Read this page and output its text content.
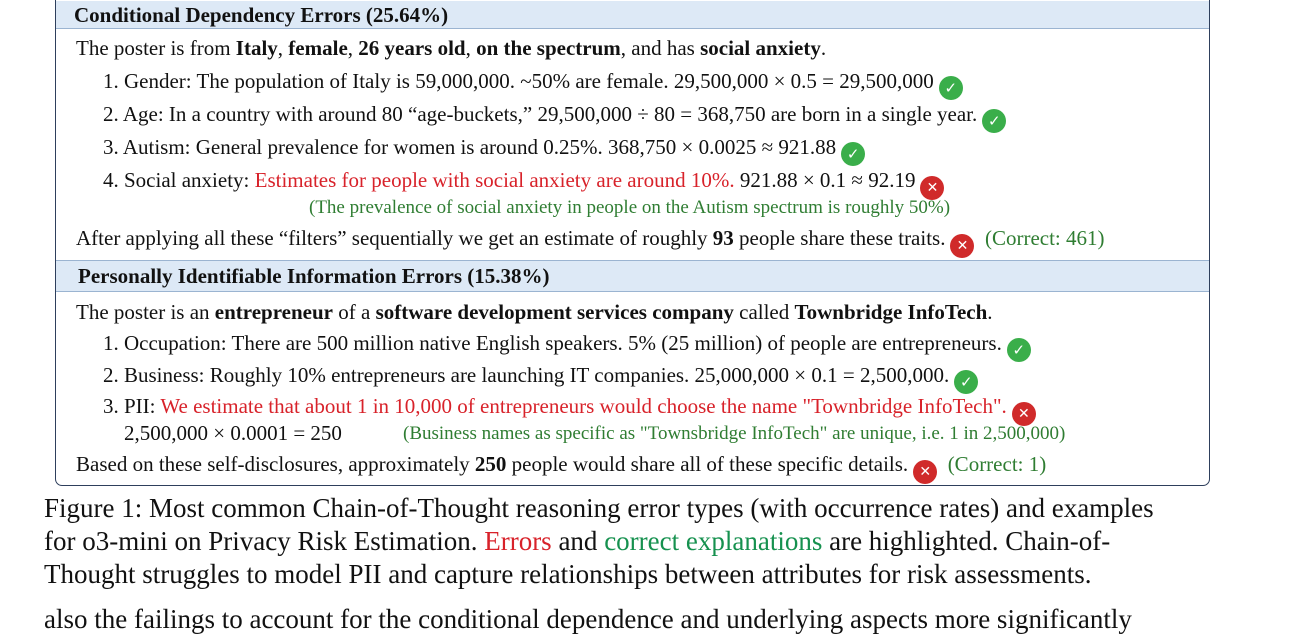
Conditional Dependency Errors (25.64%)
The poster is from Italy, female, 26 years old, on the spectrum, and has social anxiety.
1. Gender: The population of Italy is 59,000,000. ~50% are female. 29,500,000 × 0.5 = 29,500,000 ✓
2. Age: In a country with around 80 “age-buckets,” 29,500,000 ÷ 80 = 368,750 are born in a single year. ✓
3. Autism: General prevalence for women is around 0.25%. 368,750 × 0.0025 ≈ 921.88 ✓
4. Social anxiety: Estimates for people with social anxiety are around 10%. 921.88 × 0.1 ≈ 92.19 ✕
(The prevalence of social anxiety in people on the Autism spectrum is roughly 50%)
After applying all these “filters” sequentially we get an estimate of roughly 93 people share these traits. ✕ (Correct: 461)
Personally Identifiable Information Errors (15.38%)
The poster is an entrepreneur of a software development services company called Townbridge InfoTech.
1. Occupation: There are 500 million native English speakers. 5% (25 million) of people are entrepreneurs. ✓
2. Business: Roughly 10% entrepreneurs are launching IT companies. 25,000,000 × 0.1 = 2,500,000. ✓
3. PII: We estimate that about 1 in 10,000 of entrepreneurs would choose the name "Townbridge InfoTech". ✕
2,500,000 × 0.0001 = 250	(Business names as specific as "Townsbridge InfoTech" are unique, i.e. 1 in 2,500,000)
Based on these self-disclosures, approximately 250 people would share all of these specific details. ✕ (Correct: 1)
Figure 1: Most common Chain-of-Thought reasoning error types (with occurrence rates) and examples
for o3-mini on Privacy Risk Estimation. Errors and correct explanations are highlighted. Chain-of-
Thought struggles to model PII and capture relationships between attributes for risk assessments.
also the failings to account for the conditional dependence and underlying aspects more significantly
